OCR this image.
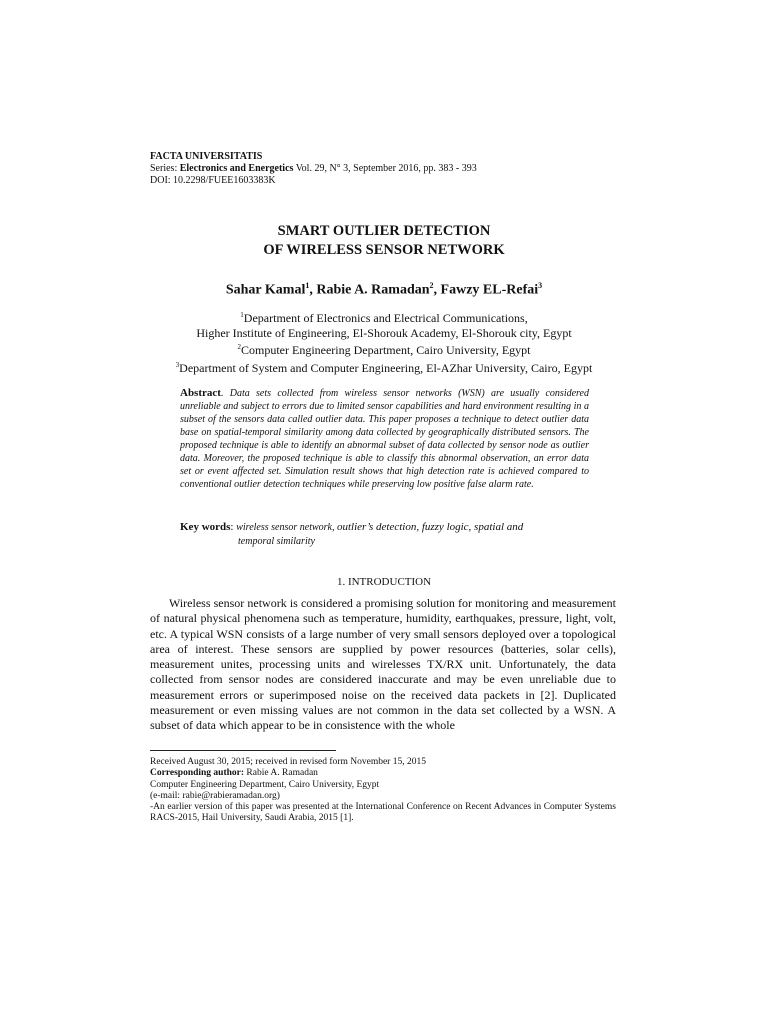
FACTA UNIVERSITATIS
Series: Electronics and Energetics Vol. 29, N° 3, September 2016, pp. 383 - 393
DOI: 10.2298/FUEE1603383K
SMART OUTLIER DETECTION
OF WIRELESS SENSOR NETWORK
Sahar Kamal$^1$, Rabie A. Ramadan$^2$, Fawzy EL-Refai$^3$
$^1$Department of Electronics and Electrical Communications,
Higher Institute of Engineering, El-Shorouk Academy, El-Shorouk city, Egypt
$^2$Computer Engineering Department, Cairo University, Egypt
$^3$Department of System and Computer Engineering, El-AZhar University, Cairo, Egypt
Abstract. Data sets collected from wireless sensor networks (WSN) are usually considered unreliable and subject to errors due to limited sensor capabilities and hard environment resulting in a subset of the sensors data called outlier data. This paper proposes a technique to detect outlier data base on spatial-temporal similarity among data collected by geographically distributed sensors. The proposed technique is able to identify an abnormal subset of data collected by sensor node as outlier data. Moreover, the proposed technique is able to classify this abnormal observation, an error data set or event affected set. Simulation result shows that high detection rate is achieved compared to conventional outlier detection techniques while preserving low positive false alarm rate.
Key words: wireless sensor network, outlier’s detection, fuzzy logic, spatial and
temporal similarity
1. INTRODUCTION
Wireless sensor network is considered a promising solution for monitoring and measurement of natural physical phenomena such as temperature, humidity, earthquakes, pressure, light, volt, etc. A typical WSN consists of a large number of very small sensors deployed over a topological area of interest. These sensors are supplied by power resources (batteries, solar cells), measurement unites, processing units and wirelesses TX/RX unit. Unfortunately, the data collected from sensor nodes are considered inaccurate and may be even unreliable due to measurement errors or superimposed noise on the received data packets in [2]. Duplicated measurement or even missing values are not common in the data set collected by a WSN. A subset of data which appear to be in consistence with the whole

Received August 30, 2015; received in revised form November 15, 2015

Corresponding author: Rabie A. Ramadan

Computer Engineering Department, Cairo University, Egypt

(e-mail: rabie@rabieramadan.org)

-An earlier version of this paper was presented at the International Conference on Recent Advances in Computer Systems RACS-2015, Hail University, Saudi Arabia, 2015 [1].
